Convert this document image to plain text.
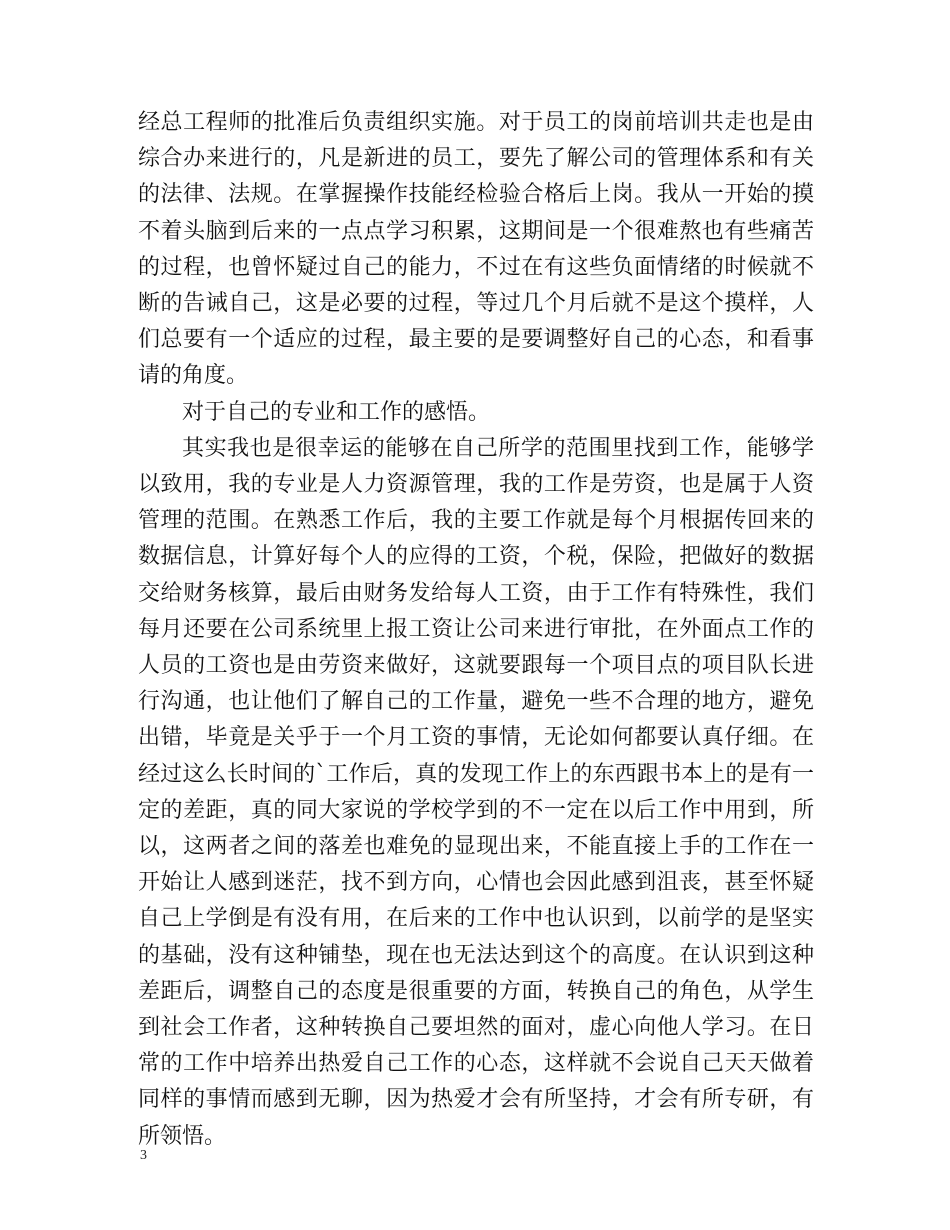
经总工程师的批准后负责组织实施。对于员工的岗前培训共走也是由综合办来进行的，凡是新进的员工，要先了解公司的管理体系和有关的法律、法规。在掌握操作技能经检验合格后上岗。我从一开始的摸不着头脑到后来的一点点学习积累，这期间是一个很难熬也有些痛苦的过程，也曾怀疑过自己的能力，不过在有这些负面情绪的时候就不断的告诫自己，这是必要的过程，等过几个月后就不是这个摸样，人们总要有一个适应的过程，最主要的是要调整好自己的心态，和看事请的角度。

对于自己的专业和工作的感悟。

其实我也是很幸运的能够在自己所学的范围里找到工作，能够学以致用，我的专业是人力资源管理，我的工作是劳资，也是属于人资管理的范围。在熟悉工作后，我的主要工作就是每个月根据传回来的数据信息，计算好每个人的应得的工资，个税，保险，把做好的数据交给财务核算，最后由财务发给每人工资，由于工作有特殊性，我们每月还要在公司系统里上报工资让公司来进行审批，在外面点工作的人员的工资也是由劳资来做好，这就要跟每一个项目点的项目队长进行沟通，也让他们了解自己的工作量，避免一些不合理的地方，避免出错，毕竟是关乎于一个月工资的事情，无论如何都要认真仔细。在经过这么长时间的`工作后，真的发现工作上的东西跟书本上的是有一定的差距，真的同大家说的学校学到的不一定在以后工作中用到，所以，这两者之间的落差也难免的显现出来，不能直接上手的工作在一开始让人感到迷茫，找不到方向，心情也会因此感到沮丧，甚至怀疑自己上学倒是有没有用，在后来的工作中也认识到，以前学的是坚实的基础，没有这种铺垫，现在也无法达到这个的高度。在认识到这种差距后，调整自己的态度是很重要的方面，转换自己的角色，从学生到社会工作者，这种转换自己要坦然的面对，虚心向他人学习。在日常的工作中培养出热爱自己工作的心态，这样就不会说自己天天做着同样的事情而感到无聊，因为热爱才会有所坚持，才会有所专研，有所领悟。

3
